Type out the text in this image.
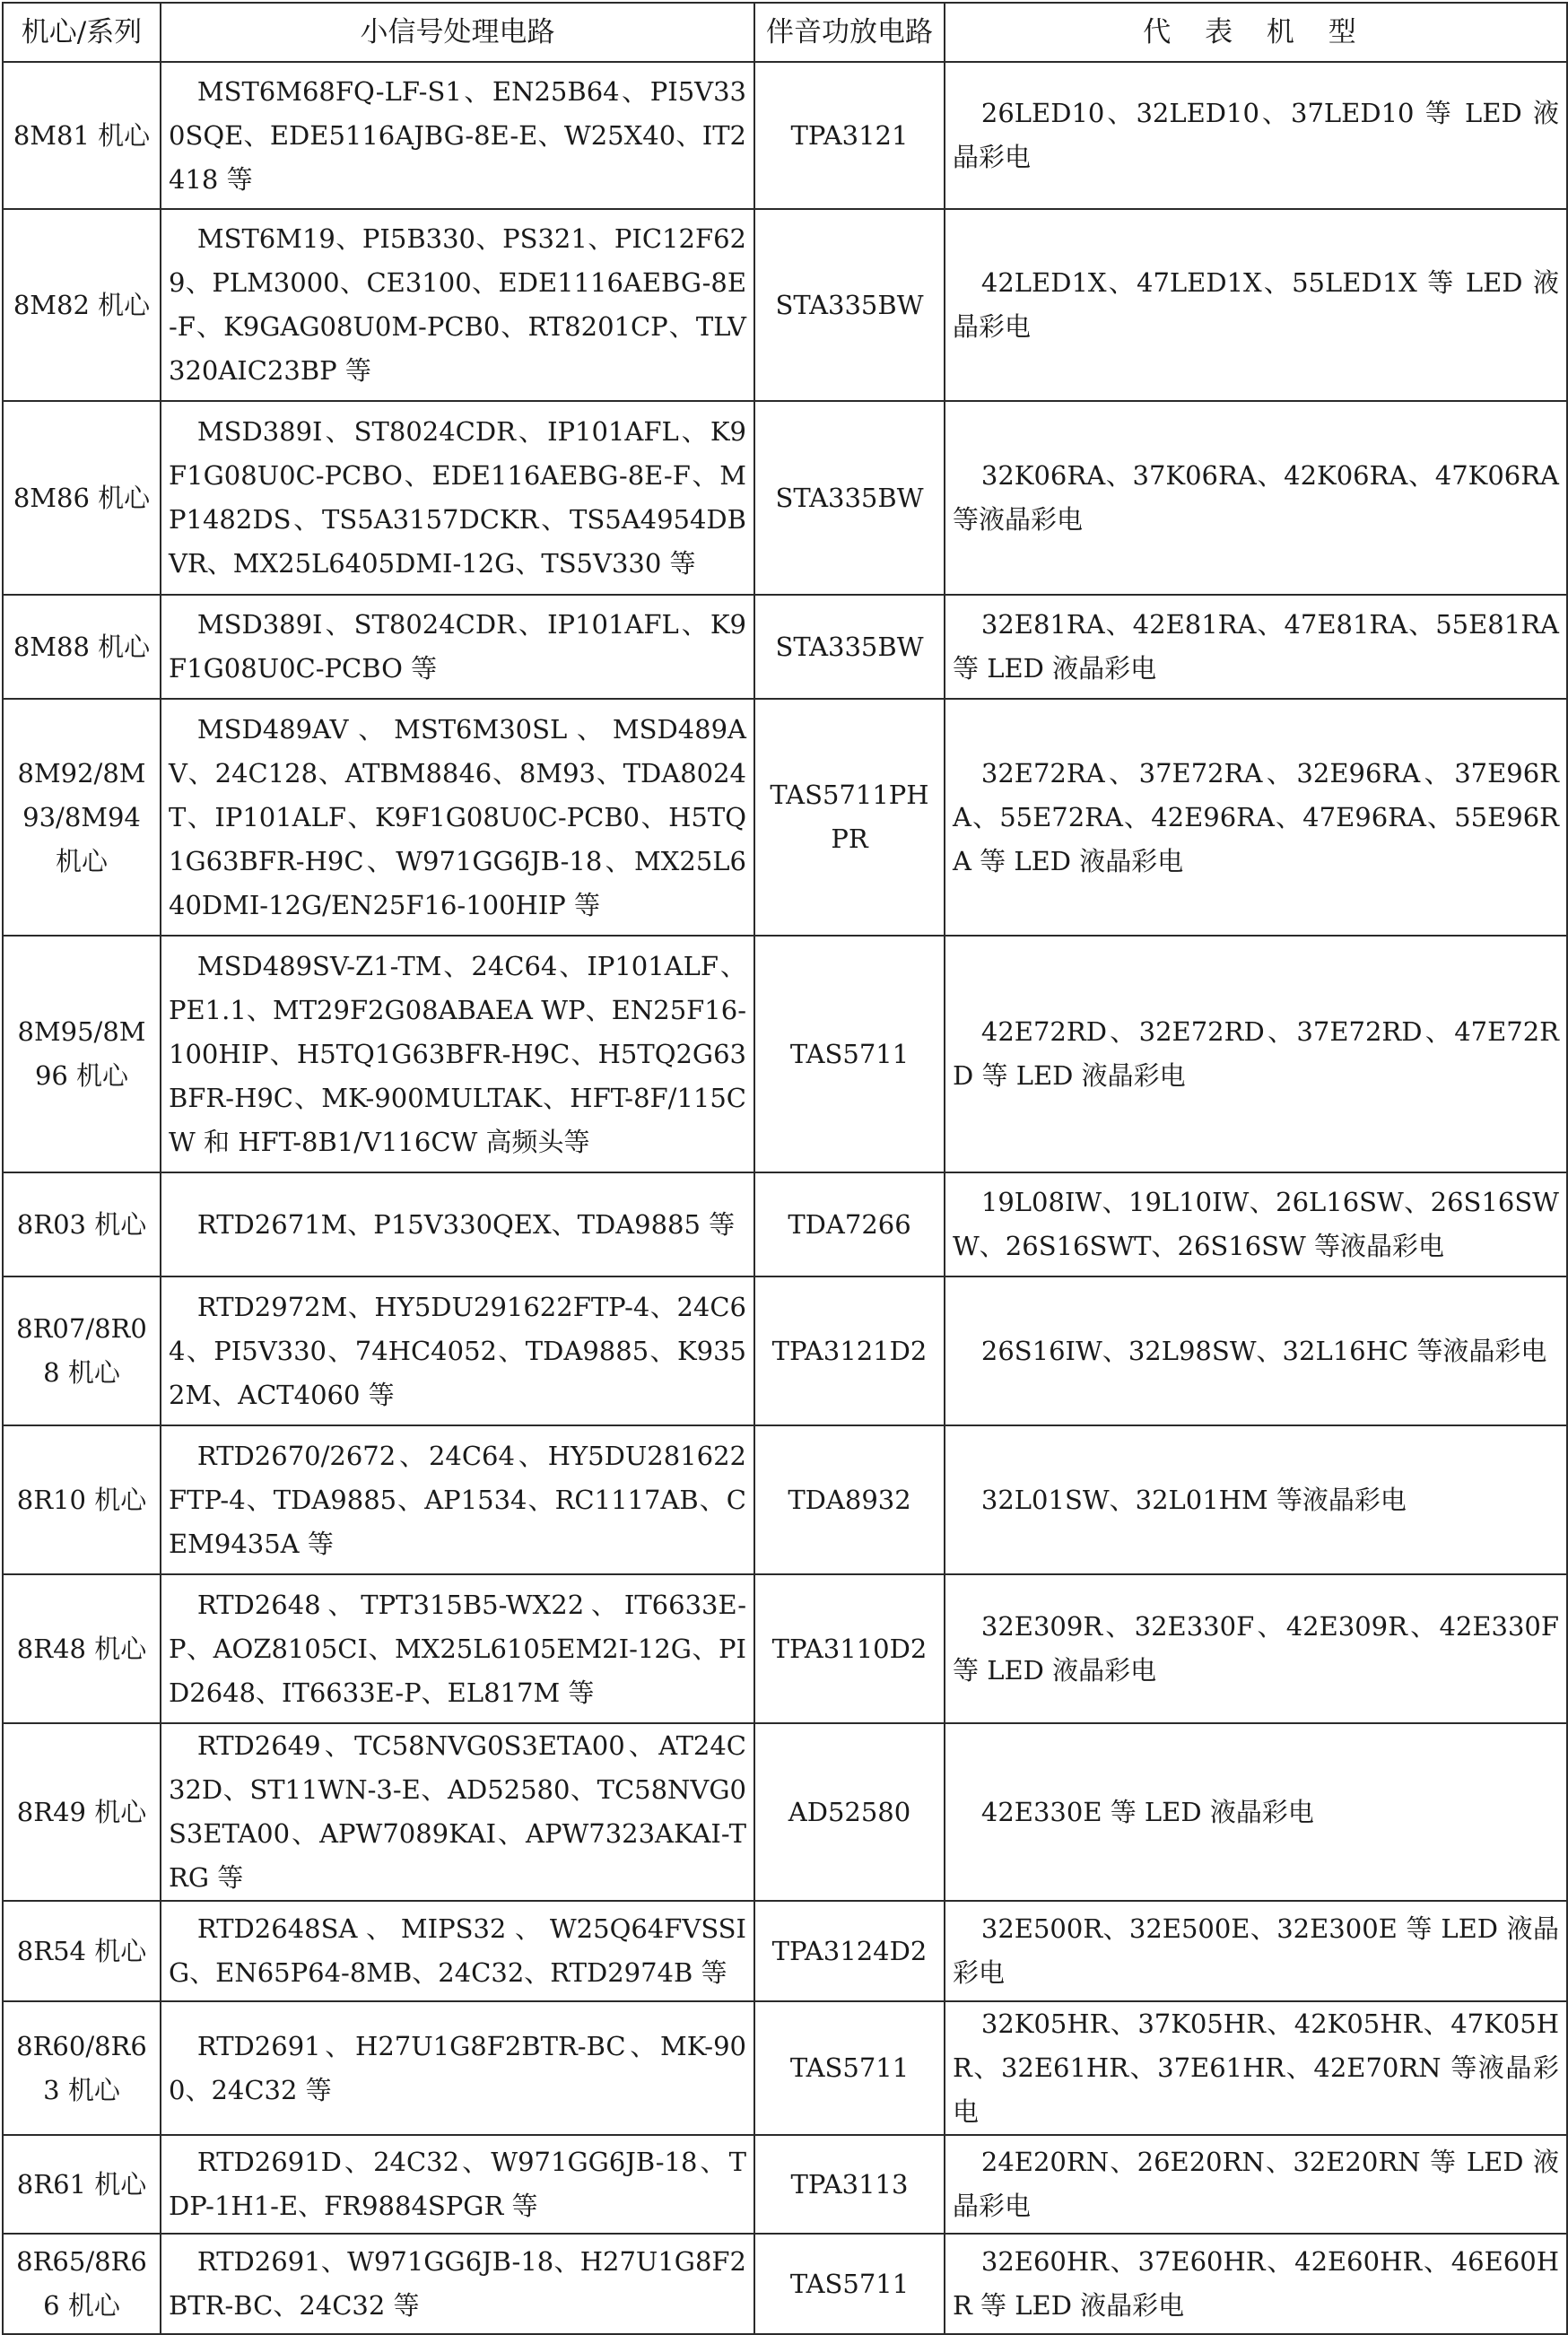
机心/系列	小信号处理电路	伴音功放电路	代 表 机 型
8M81 机心	MST6M68FQ-LF-S1、EN25B64、PI5V330SQE、EDE5116AJBG-8E-E、W25X40、IT2418 等	TPA3121	26LED10、32LED10、37LED10 等 LED 液晶彩电
8M82 机心	MST6M19、PI5B330、PS321、PIC12F629、PLM3000、CE3100、EDE1116AEBG-8E-F、K9GAG08U0M-PCB0、RT8201CP、TLV320AIC23BP 等	STA335BW	42LED1X、47LED1X、55LED1X 等 LED 液晶彩电
8M86 机心	MSD389I、ST8024CDR、IP101AFL、K9F1G08U0C-PCBO、EDE116AEBG-8E-F、MP1482DS、TS5A3157DCKR、TS5A4954DBVR、MX25L6405DMI-12G、TS5V330 等	STA335BW	32K06RA、37K06RA、42K06RA、47K06RA 等液晶彩电
8M88 机心	MSD389I、ST8024CDR、IP101AFL、K9F1G08U0C-PCBO 等	STA335BW	32E81RA、42E81RA、47E81RA、55E81RA 等 LED 液晶彩电
8M92/8M93/8M94 机心	MSD489AV、MST6M30SL、MSD489AV、24C128、ATBM8846、8M93、TDA8024T、IP101ALF、K9F1G08U0C-PCB0、H5TQ1G63BFR-H9C、W971GG6JB-18、MX25L640DMI-12G/EN25F16-100HIP 等	TAS5711PHPR	32E72RA、37E72RA、32E96RA、37E96RA、55E72RA、42E96RA、47E96RA、55E96RA 等 LED 液晶彩电
8M95/8M96 机心	MSD489SV-Z1-TM、24C64、IP101ALF、PE1.1、MT29F2G08ABAEA WP、EN25F16-100HIP、H5TQ1G63BFR-H9C、H5TQ2G63BFR-H9C、MK-900MULTAK、HFT-8F/115CW 和 HFT-8B1/V116CW 高频头等	TAS5711	42E72RD、32E72RD、37E72RD、47E72RD 等 LED 液晶彩电
8R03 机心	RTD2671M、P15V330QEX、TDA9885 等	TDA7266	19L08IW、19L10IW、26L16SW、26S16SWW、26S16SWT、26S16SW 等液晶彩电
8R07/8R08 机心	RTD2972M、HY5DU291622FTP-4、24C64、PI5V330、74HC4052、TDA9885、K9352M、ACT4060 等	TPA3121D2	26S16IW、32L98SW、32L16HC 等液晶彩电
8R10 机心	RTD2670/2672、24C64、HY5DU281622FTP-4、TDA9885、AP1534、RC1117AB、CEM9435A 等	TDA8932	32L01SW、32L01HM 等液晶彩电
8R48 机心	RTD2648、TPT315B5-WX22、IT6633E-P、AOZ8105CI、MX25L6105EM2I-12G、PID2648、IT6633E-P、EL817M 等	TPA3110D2	32E309R、32E330F、42E309R、42E330F 等 LED 液晶彩电
8R49 机心	RTD2649、TC58NVG0S3ETA00、AT24C32D、ST11WN-3-E、AD52580、TC58NVG0S3ETA00、APW7089KAI、APW7323AKAI-TRG 等	AD52580	42E330E 等 LED 液晶彩电
8R54 机心	RTD2648SA、MIPS32、W25Q64FVSSIG、EN65P64-8MB、24C32、RTD2974B 等	TPA3124D2	32E500R、32E500E、32E300E 等 LED 液晶彩电
8R60/8R63 机心	RTD2691、H27U1G8F2BTR-BC、MK-900、24C32 等	TAS5711	32K05HR、37K05HR、42K05HR、47K05HR、32E61HR、37E61HR、42E70RN 等液晶彩电
8R61 机心	RTD2691D、24C32、W971GG6JB-18、TDP-1H1-E、FR9884SPGR 等	TPA3113	24E20RN、26E20RN、32E20RN 等 LED 液晶彩电
8R65/8R66 机心	RTD2691、W971GG6JB-18、H27U1G8F2BTR-BC、24C32 等	TAS5711	32E60HR、37E60HR、42E60HR、46E60HR 等 LED 液晶彩电
